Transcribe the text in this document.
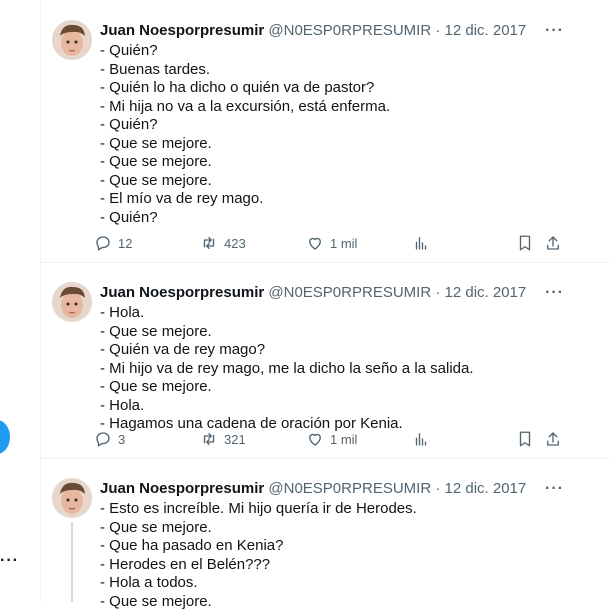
···
Juan Noesporpresumir @N0ESP0RPRESUMIR · 12 dic. 2017 ···
- Quién?
- Buenas tardes.
- Quién lo ha dicho o quién va de pastor?
- Mi hija no va a la excursión, está enferma.
- Quién?
- Que se mejore.
- Que se mejore.
- Que se mejore.
- El mío va de rey mago.
- Quién?
12	423	1 mil
Juan Noesporpresumir @N0ESP0RPRESUMIR · 12 dic. 2017 ···
- Hola.
- Que se mejore.
- Quién va de rey mago?
- Mi hijo va de rey mago, me la dicho la seño a la salida.
- Que se mejore.
- Hola.
- Hagamos una cadena de oración por Kenia.
3	321	1 mil
Juan Noesporpresumir @N0ESP0RPRESUMIR · 12 dic. 2017 ···
- Esto es increíble. Mi hijo quería ir de Herodes.
- Que se mejore.
- Que ha pasado en Kenia?
- Herodes en el Belén???
- Hola a todos.
- Que se mejore.
